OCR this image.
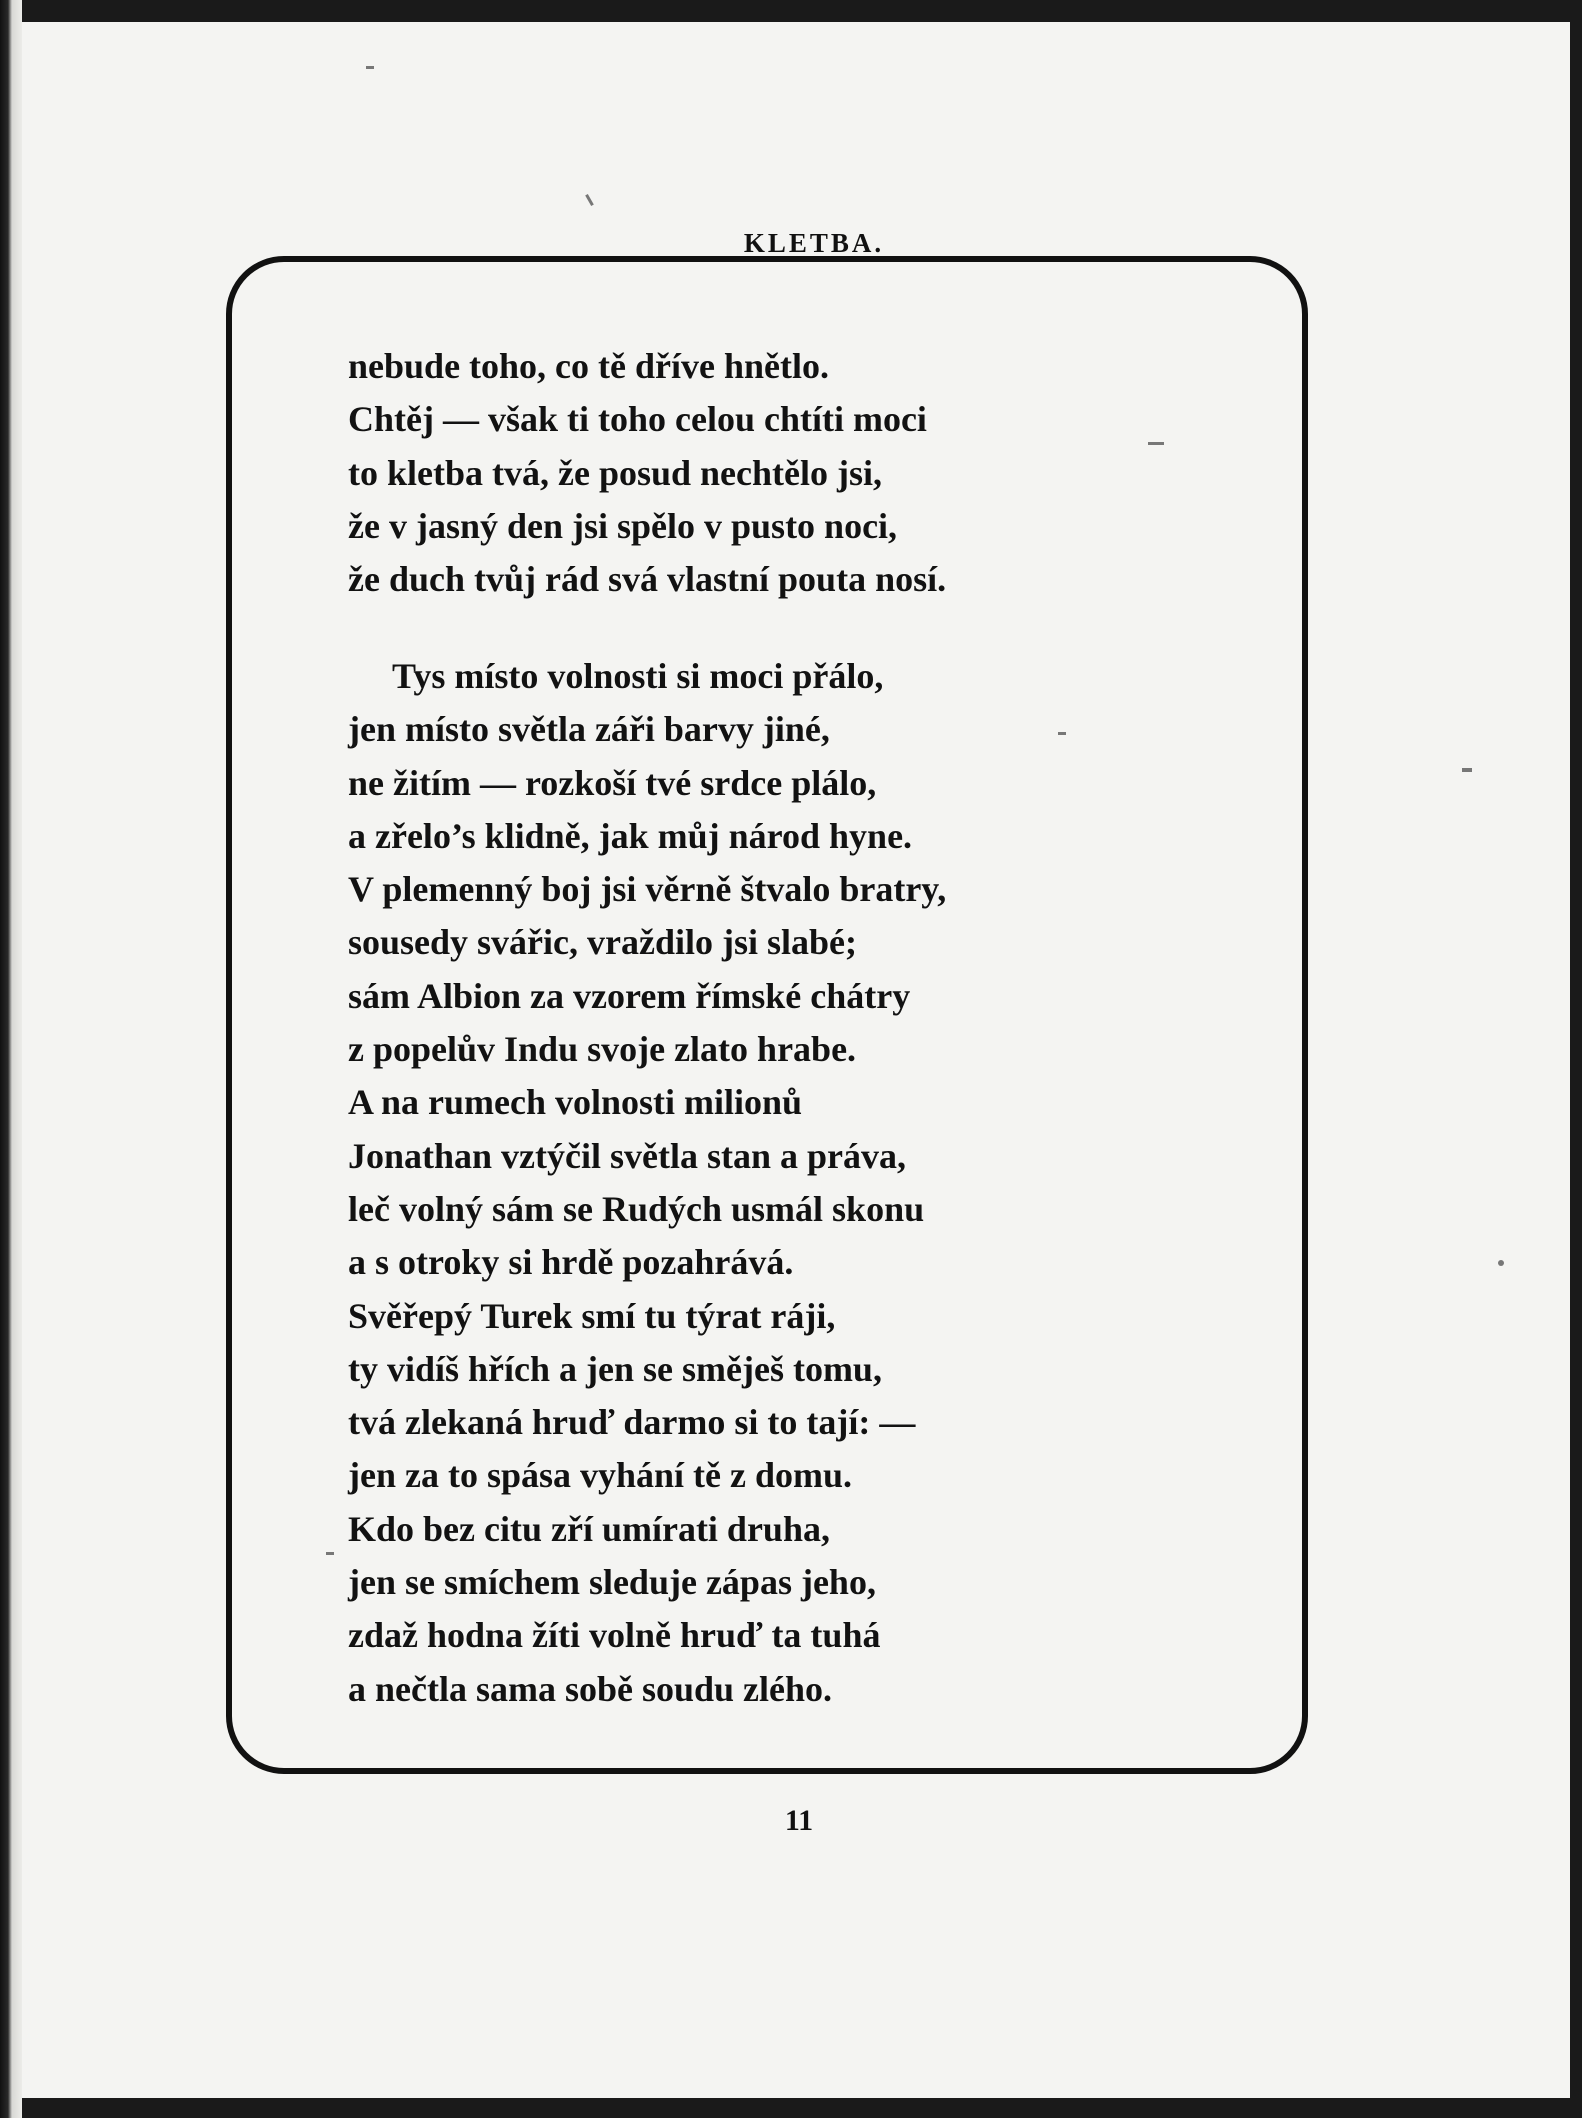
KLETBA.
nebude toho, co tě dříve hnětlo.
Chtěj — však ti toho celou chtíti moci
to kletba tvá, že posud nechtělo jsi,
že v jasný den jsi spělo v pusto noci,
že duch tvůj rád svá vlastní pouta nosí.
Tys místo volnosti si moci přálo,
jen místo světla záři barvy jiné,
ne žitím — rozkoší tvé srdce plálo,
a zřelo’s klidně, jak můj národ hyne.
V plemenný boj jsi věrně štvalo bratry,
sousedy svářic, vraždilo jsi slabé;
sám Albion za vzorem římské chátry
z popelův Indu svoje zlato hrabe.
A na rumech volnosti milionů
Jonathan vztýčil světla stan a práva,
leč volný sám se Rudých usmál skonu
a s otroky si hrdě pozahrává.
Svěřepý Turek smí tu týrat ráji,
ty vidíš hřích a jen se směješ tomu,
tvá zlekaná hruď darmo si to tají: —
jen za to spása vyhání tě z domu.
Kdo bez citu zří umírati druha,
jen se smíchem sleduje zápas jeho,
zdaž hodna žíti volně hruď ta tuhá
a nečtla sama sobě soudu zlého.
11
